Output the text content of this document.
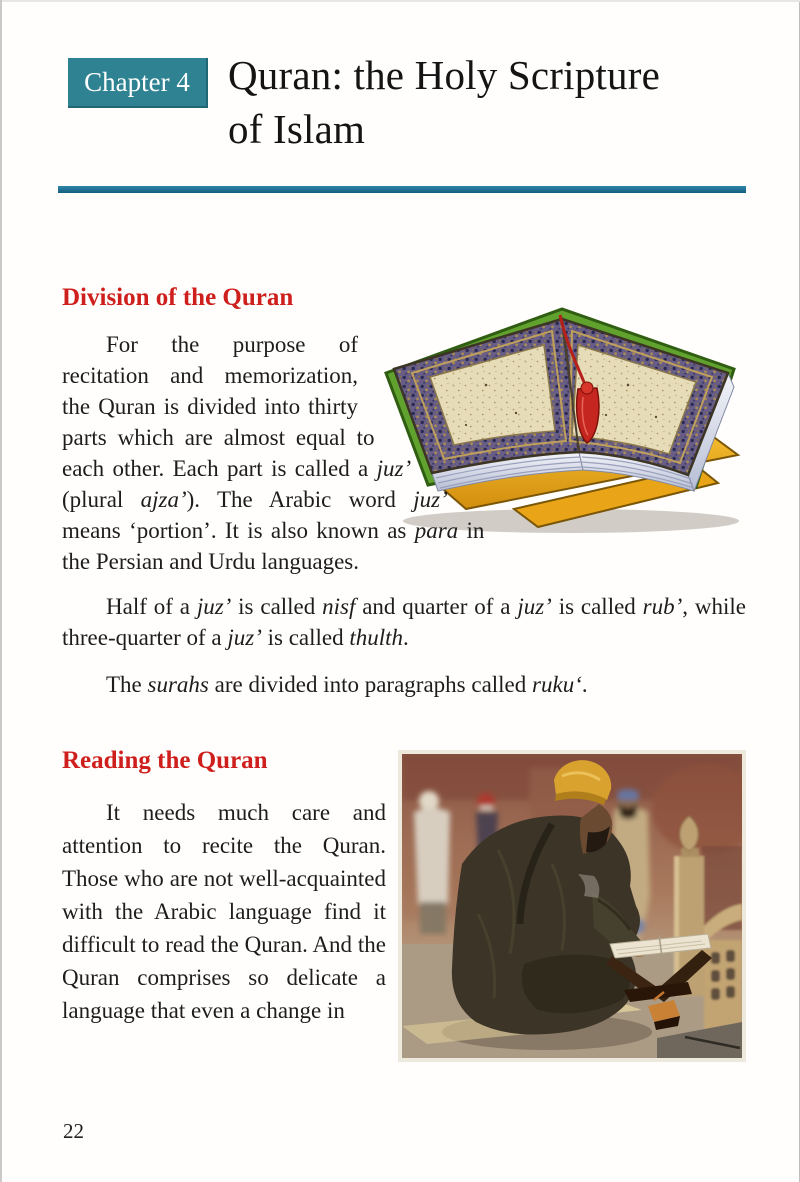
Chapter 4 Quran: the Holy Scripture
of Islam
Division of the Quran

For the purpose of recitation and memorization, the Quran is divided into thirty parts which are almost equal to each other. Each part is called a juz’ (plural ajza’). The Arabic word juz’ means ‘portion’. It is also known as para in the Persian and Urdu languages.

Half of a juz’ is called nisf and quarter of a juz’ is called rub’, while three-quarter of a juz’ is called thulth.

The surahs are divided into paragraphs called ruku‘.

Reading the Quran

It needs much care and attention to recite the Quran. Those who are not well-acquainted with the Arabic language find it difficult to read the Quran. And the Quran comprises so delicate a language that even a change in

22
